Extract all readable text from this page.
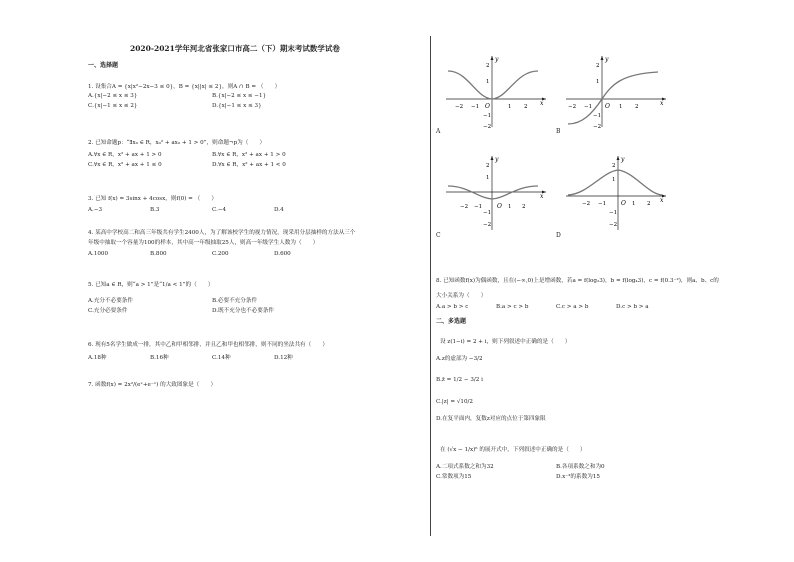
2020-2021学年河北省张家口市高二（下）期末考试数学试卷
一、选择题
1. 设集合A = {x|x²−2x−3 ≤ 0}，B = {x||x| ≤ 2}，则A ∩ B = （　　）
A.{x|−2 ≤ x ≤ 3}	B.{x|−2 ≤ x ≤ −1}
C.{x|−1 ≤ x ≤ 2}	D.{x|−1 ≤ x ≤ 3}
2. 已知命题p：“∃x₀ ∈ R，x₀² + ax₀ + 1 > 0”，则命题¬p为（　　）
A.∀x ∈ R，x² + ax + 1 > 0	B.∀x ∈ R，x² + ax + 1 > 0
C.∀x ∈ R，x² + ax + 1 ≤ 0	D.∀x ∈ R，x² + ax + 1 < 0
3. 已知 f(x) = 3sinx + 4cosx，则f(0) = （　　）
A.−3	B.3	C.−4	D.4
4. 某高中学校高二和高三年级共有学生2400人，为了解该校学生的视力情况，现采用分层抽样的方法从三个
年级中抽取一个容量为100的样本，其中高一年级抽取25人，则高一年级学生人数为（　　）
A.1000	B.800	C.200	D.600
5. 已知a ∈ R，则“a > 1”是“1/a < 1”的（　　）
A.充分不必要条件	B.必要不充分条件
C.充分必要条件	D.既不充分也不必要条件
6. 现有5名学生做成一排，其中乙和甲相邻排，并且乙和甲也相邻排，则不同的坐法共有（　　）
A.18种	B.16种	C.14种	D.12种
7. 函数f(x) = 2x²/(eˣ+e⁻ˣ) 的大致图象是（　　）
x
y
O
−2 −1	1 2
2
1
−1
−2
A
x
y
O
−2 −1	1 2
2
1
−1
−2
B
x
y
O
−2 −1	1 2
2
1
−1
−2
C
x
y
O
−2 −1	1 2
2
1
−1
−2
D
8. 已知函数f(x)为偶函数，且在(−∞,0)上是增函数，若a = f(log₂3)，b = f(log₄3)，c = f(0.3⁻²)，则a、b、c的
大小关系为（　　）
A.a > b > c	B.a > c > b	C.c > a > b	D.c > b > a
二、多选题
设 z(1−i) = 2 + i，则下列叙述中正确的是（　　）
A.z的虚部为 −3/2
B.z̄ = 1/2 − 3/2 i
C.|z| = √10/2
D.在复平面内，复数z对应的点位于第四象限
在 (√x − 1/x)⁶ 的展开式中，下列叙述中正确的是（　　）
A.二项式系数之和为32	B.各项系数之和为0
C.常数项为15	D.x⁻³的系数为15
